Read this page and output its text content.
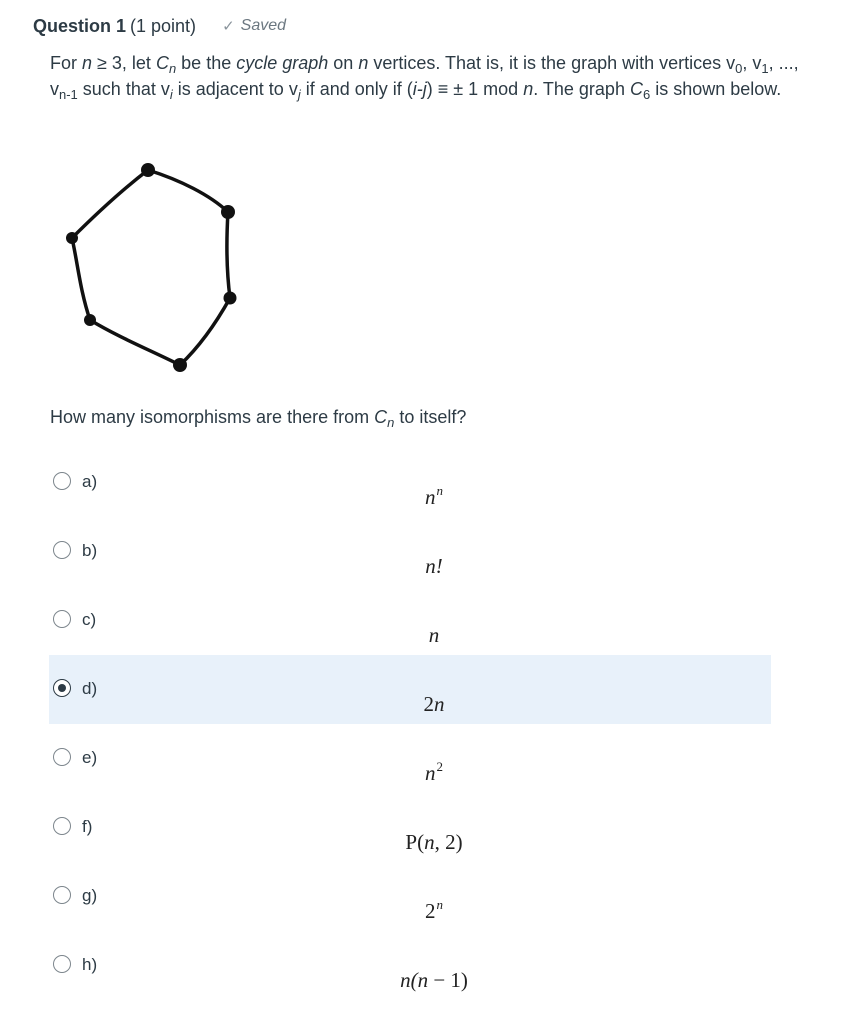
Question 1 (1 point) ✓ Saved
For n ≥ 3, let $C_n$ be the cycle graph on n vertices. That is, it is the graph with vertices $v_0$, $v_1$, ..., $v_{n-1}$ such that $v_i$ is adjacent to $v_j$ if and only if (i-j) ≡ ± 1 mod n. The graph $C_6$ is shown below.
How many isomorphisms are there from $C_n$ to itself?
a)
$n^n$
b)
n!
c)
n
d)
2n
e)
$n^2$
f)
P(n, 2)
g)
2$^n$
h)
n(n − 1)
